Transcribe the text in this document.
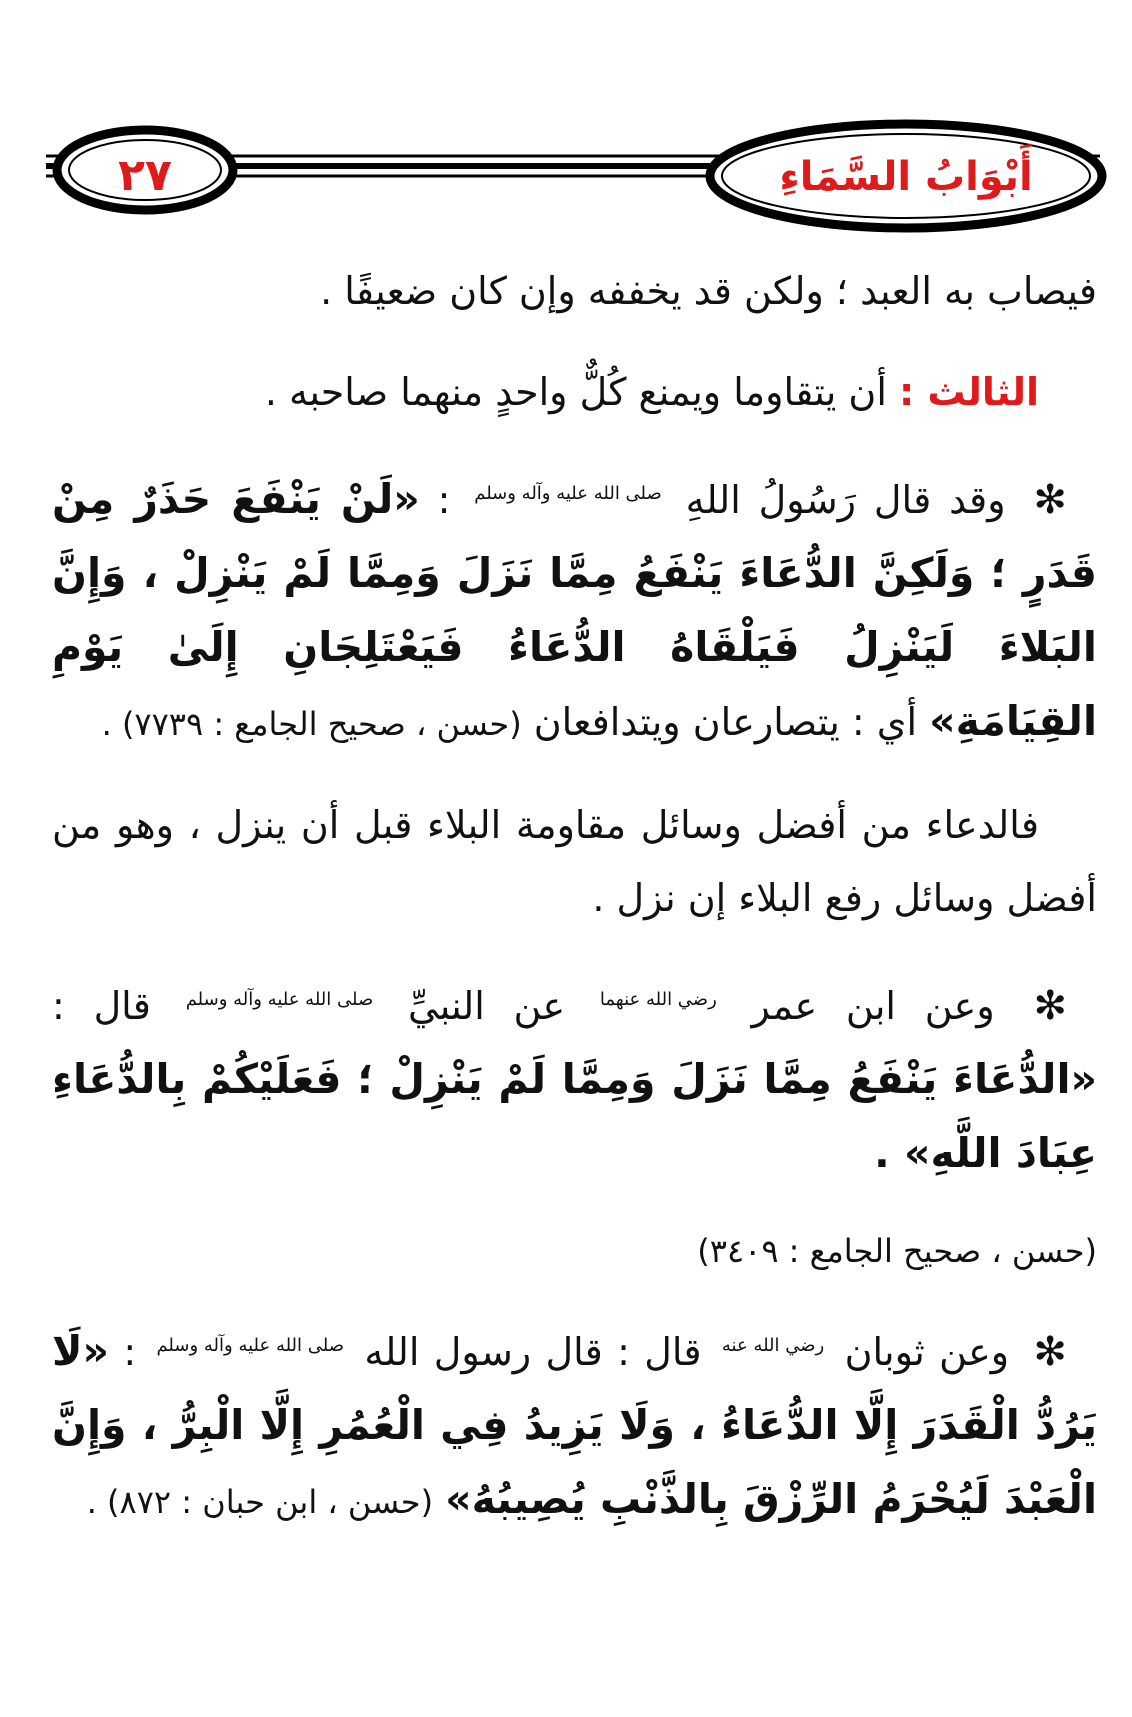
أَبْوَابُ السَّمَاءِ
٢٧

فيصاب به العبد ؛ ولكن قد يخففه وإن كان ضعيفًا .

الثالث : أن يتقاوما ويمنع كُلٌّ واحدٍ منهما صاحبه .

✻ وقد قال رَسُولُ اللهِ صلى الله عليه وآله وسلم : «لَنْ يَنْفَعَ حَذَرٌ مِنْ قَدَرٍ ؛ وَلَكِنَّ الدُّعَاءَ يَنْفَعُ مِمَّا نَزَلَ وَمِمَّا لَمْ يَنْزِلْ ، وَإِنَّ البَلاءَ لَيَنْزِلُ فَيَلْقَاهُ الدُّعَاءُ فَيَعْتَلِجَانِ إِلَىٰ يَوْمِ القِيَامَةِ» أي : يتصارعان ويتدافعان (حسن ، صحيح الجامع : ٧٧٣٩) .

فالدعاء من أفضل وسائل مقاومة البلاء قبل أن ينزل ، وهو من أفضل وسائل رفع البلاء إن نزل .

✻ وعن ابن عمر رضي الله عنهما عن النبيِّ صلى الله عليه وآله وسلم قال : «الدُّعَاءَ يَنْفَعُ مِمَّا نَزَلَ وَمِمَّا لَمْ يَنْزِلْ ؛ فَعَلَيْكُمْ بِالدُّعَاءِ عِبَادَ اللَّهِ» .

(حسن ، صحيح الجامع : ٣٤٠٩)

✻ وعن ثوبان رضي الله عنه قال : قال رسول الله صلى الله عليه وآله وسلم : «لَا يَرُدُّ الْقَدَرَ إِلَّا الدُّعَاءُ ، وَلَا يَزِيدُ فِي الْعُمُرِ إِلَّا الْبِرُّ ، وَإِنَّ الْعَبْدَ لَيُحْرَمُ الرِّزْقَ بِالذَّنْبِ يُصِيبُهُ» (حسن ، ابن حبان : ٨٧٢) .
